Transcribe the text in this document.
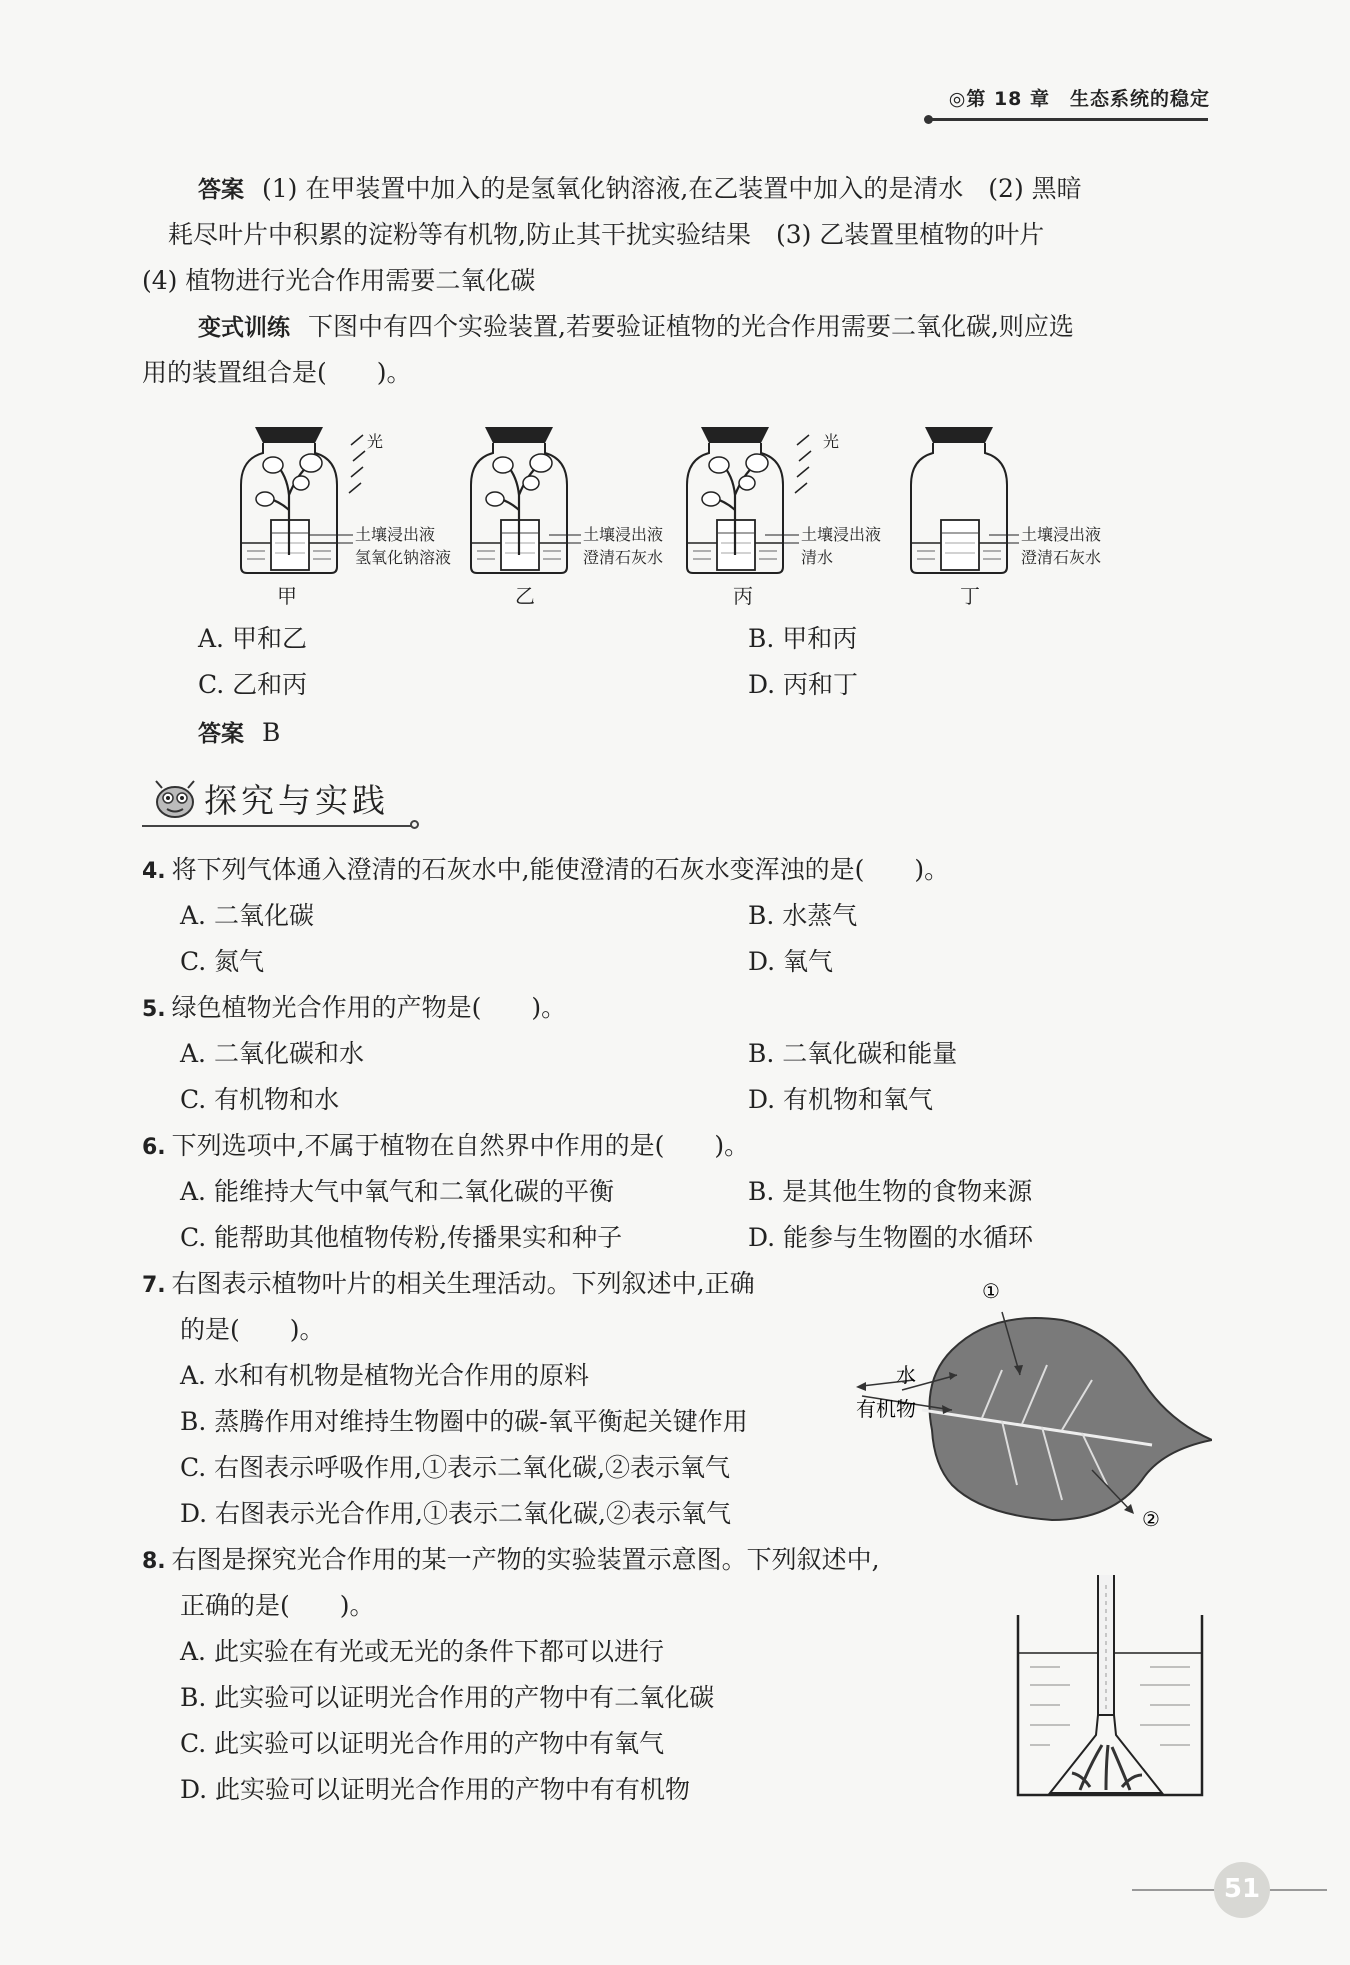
◎第 18 章　生态系统的稳定
答案 (1) 在甲装置中加入的是氢氧化钠溶液,在乙装置中加入的是清水　(2) 黑暗
耗尽叶片中积累的淀粉等有机物,防止其干扰实验结果　(3) 乙装置里植物的叶片
(4) 植物进行光合作用需要二氧化碳
变式训练 下图中有四个实验装置,若要验证植物的光合作用需要二氧化碳,则应选
用的装置组合是(　　)。
光
土壤浸出液
氢氧化钠溶液
甲
土壤浸出液
澄清石灰水
乙
光
土壤浸出液
清水
丙
土壤浸出液
澄清石灰水
丁
A. 甲和乙	B. 甲和丙
C. 乙和丙	D. 丙和丁
答案 B
探究与实践
4. 将下列气体通入澄清的石灰水中,能使澄清的石灰水变浑浊的是(　　)。
A. 二氧化碳	B. 水蒸气
C. 氮气	D. 氧气
5. 绿色植物光合作用的产物是(　　)。
A. 二氧化碳和水	B. 二氧化碳和能量
C. 有机物和水	D. 有机物和氧气
6. 下列选项中,不属于植物在自然界中作用的是(　　)。
A. 能维持大气中氧气和二氧化碳的平衡	B. 是其他生物的食物来源
C. 能帮助其他植物传粉,传播果实和种子	D. 能参与生物圈的水循环
7. 右图表示植物叶片的相关生理活动。下列叙述中,正确
的是(　　)。
A. 水和有机物是植物光合作用的原料
B. 蒸腾作用对维持生物圈中的碳-氧平衡起关键作用
C. 右图表示呼吸作用,①表示二氧化碳,②表示氧气
D. 右图表示光合作用,①表示二氧化碳,②表示氧气
①
②
水
有机物
8. 右图是探究光合作用的某一产物的实验装置示意图。下列叙述中,
正确的是(　　)。
A. 此实验在有光或无光的条件下都可以进行
B. 此实验可以证明光合作用的产物中有二氧化碳
C. 此实验可以证明光合作用的产物中有氧气
D. 此实验可以证明光合作用的产物中有有机物
51
